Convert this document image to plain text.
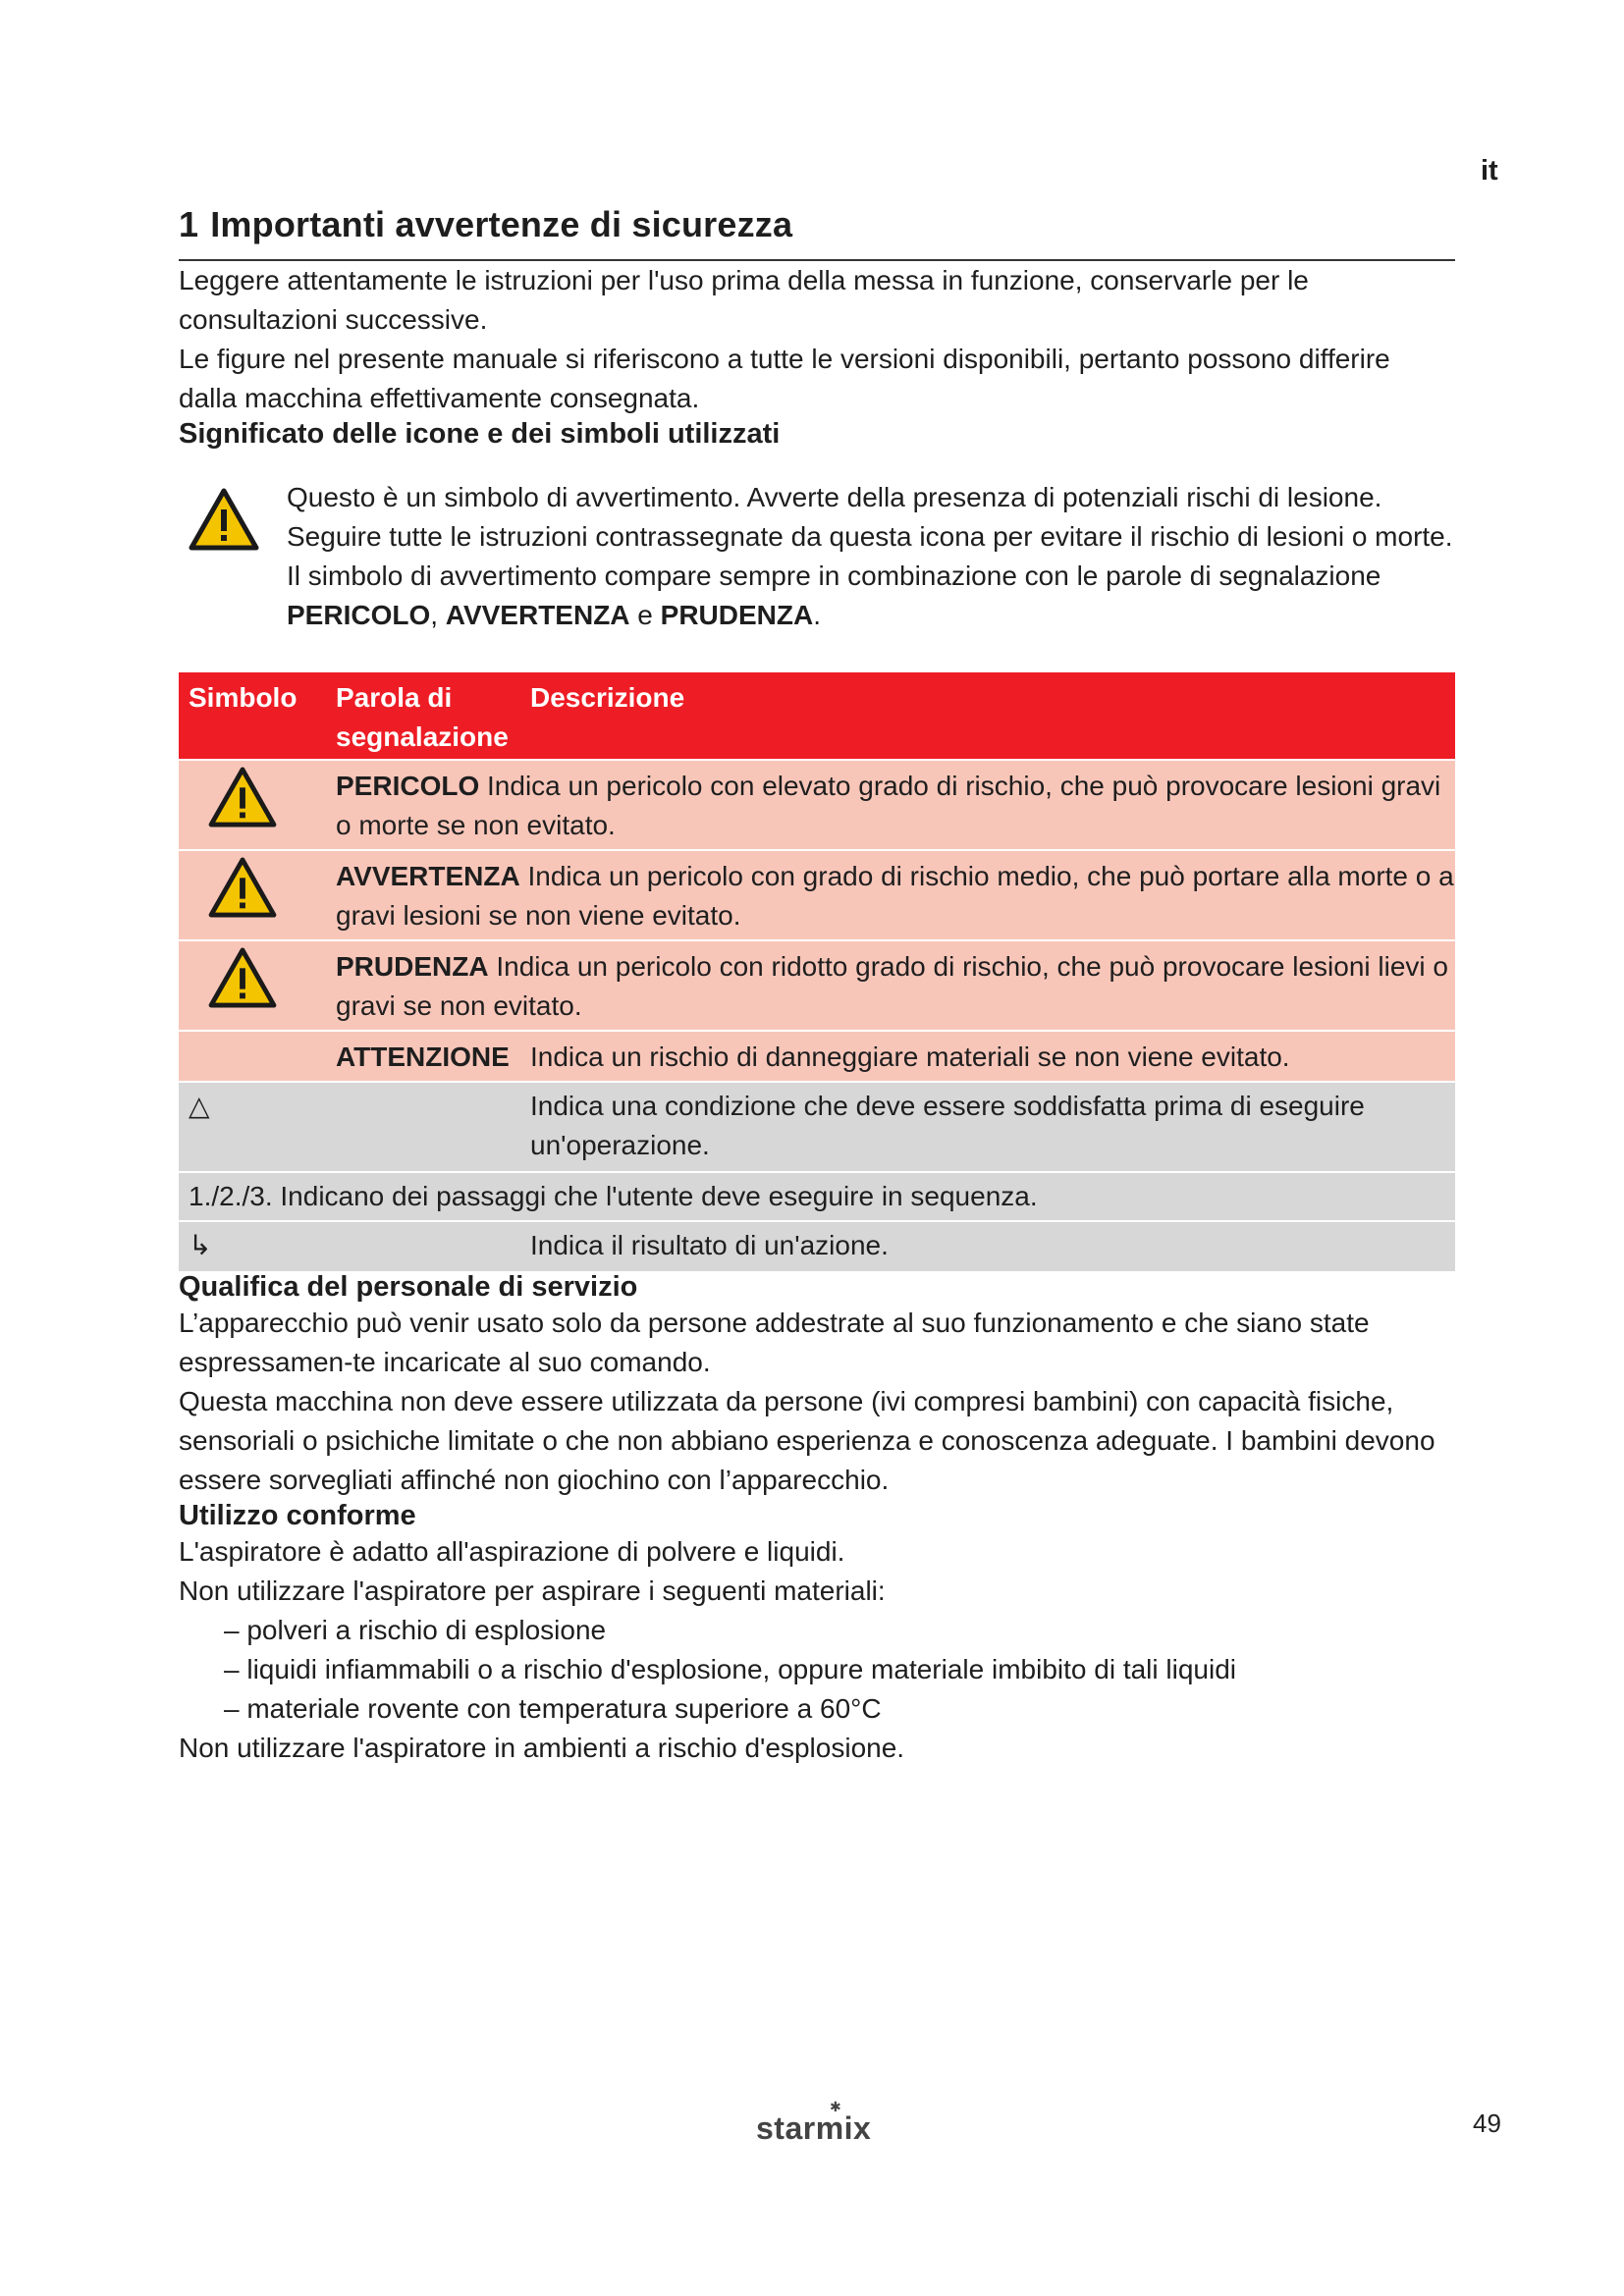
it
1 Importanti avvertenze di sicurezza

Leggere attentamente le istruzioni per l'uso prima della messa in funzione, conservarle per le consultazioni successive.

Le figure nel presente manuale si riferiscono a tutte le versioni disponibili, pertanto possono differire dalla macchina effettivamente consegnata.

Significato delle icone e dei simboli utilizzati
Questo è un simbolo di avvertimento. Avverte della presenza di potenziali rischi di lesione. Seguire tutte le istruzioni contrassegnate da questa icona per evitare il rischio di lesioni o morte. Il simbolo di avvertimento compare sempre in combinazione con le parole di segnalazione PERICOLO, AVVERTENZA e PRUDENZA.
Simbolo	Parola di segnalazione	Descrizione

	PERICOLO Indica un pericolo con elevato grado di rischio, che può provocare lesioni gravi o morte se non evitato.	

	AVVERTENZA Indica un pericolo con grado di rischio medio, che può portare alla morte o a gravi lesioni se non viene evitato.	

	PRUDENZA Indica un pericolo con ridotto grado di rischio, che può provocare lesioni lievi o gravi se non evitato.	
	ATTENZIONE	Indica un rischio di danneggiare materiali se non viene evitato.
△		Indica una condizione che deve essere soddisfatta prima di eseguire un'operazione.
1./2./3. Indicano dei passaggi che l'utente deve eseguire in sequenza.		
↳		Indica il risultato di un'azione.
Qualifica del personale di servizio

L’apparecchio può venir usato solo da persone addestrate al suo funzionamento e che siano state espressamen-te incaricate al suo comando.

Questa macchina non deve essere utilizzata da persone (ivi compresi bambini) con capacità fisiche, sensoriali o psichiche limitate o che non abbiano esperienza e conoscenza adeguate. I bambini devono essere sorvegliati affinché non giochino con l’apparecchio.

Utilizzo conforme

L'aspiratore è adatto all'aspirazione di polvere e liquidi.

Non utilizzare l'aspiratore per aspirare i seguenti materiali:

– polveri a rischio di esplosione
– liquidi infiammabili o a rischio d'esplosione, oppure materiale imbibito di tali liquidi
– materiale rovente con temperatura superiore a 60°C

Non utilizzare l'aspiratore in ambienti a rischio d'esplosione.

✱
starmix	49
